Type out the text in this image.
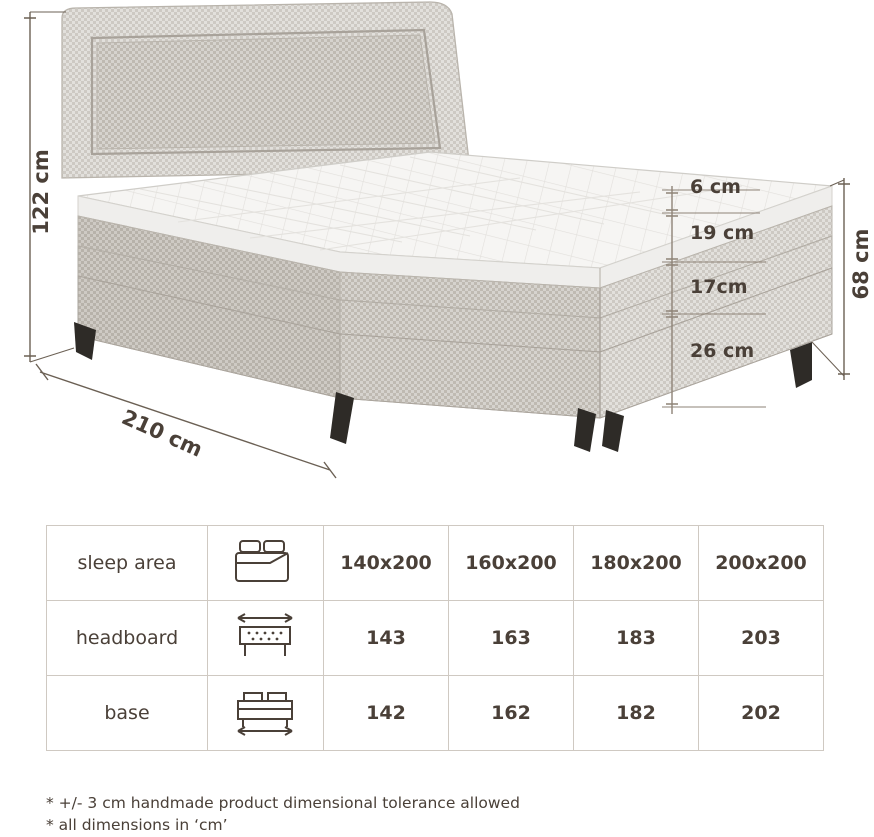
122 cm
210 cm
68 cm
6 cm
19 cm
17cm
26 cm
sleep area		140x200	160x200	180x200	200x200
headboard		143	163	183	203
base		142	162	182	202
* +/- 3 cm handmade product dimensional tolerance allowed
* all dimensions in ‘cm’
